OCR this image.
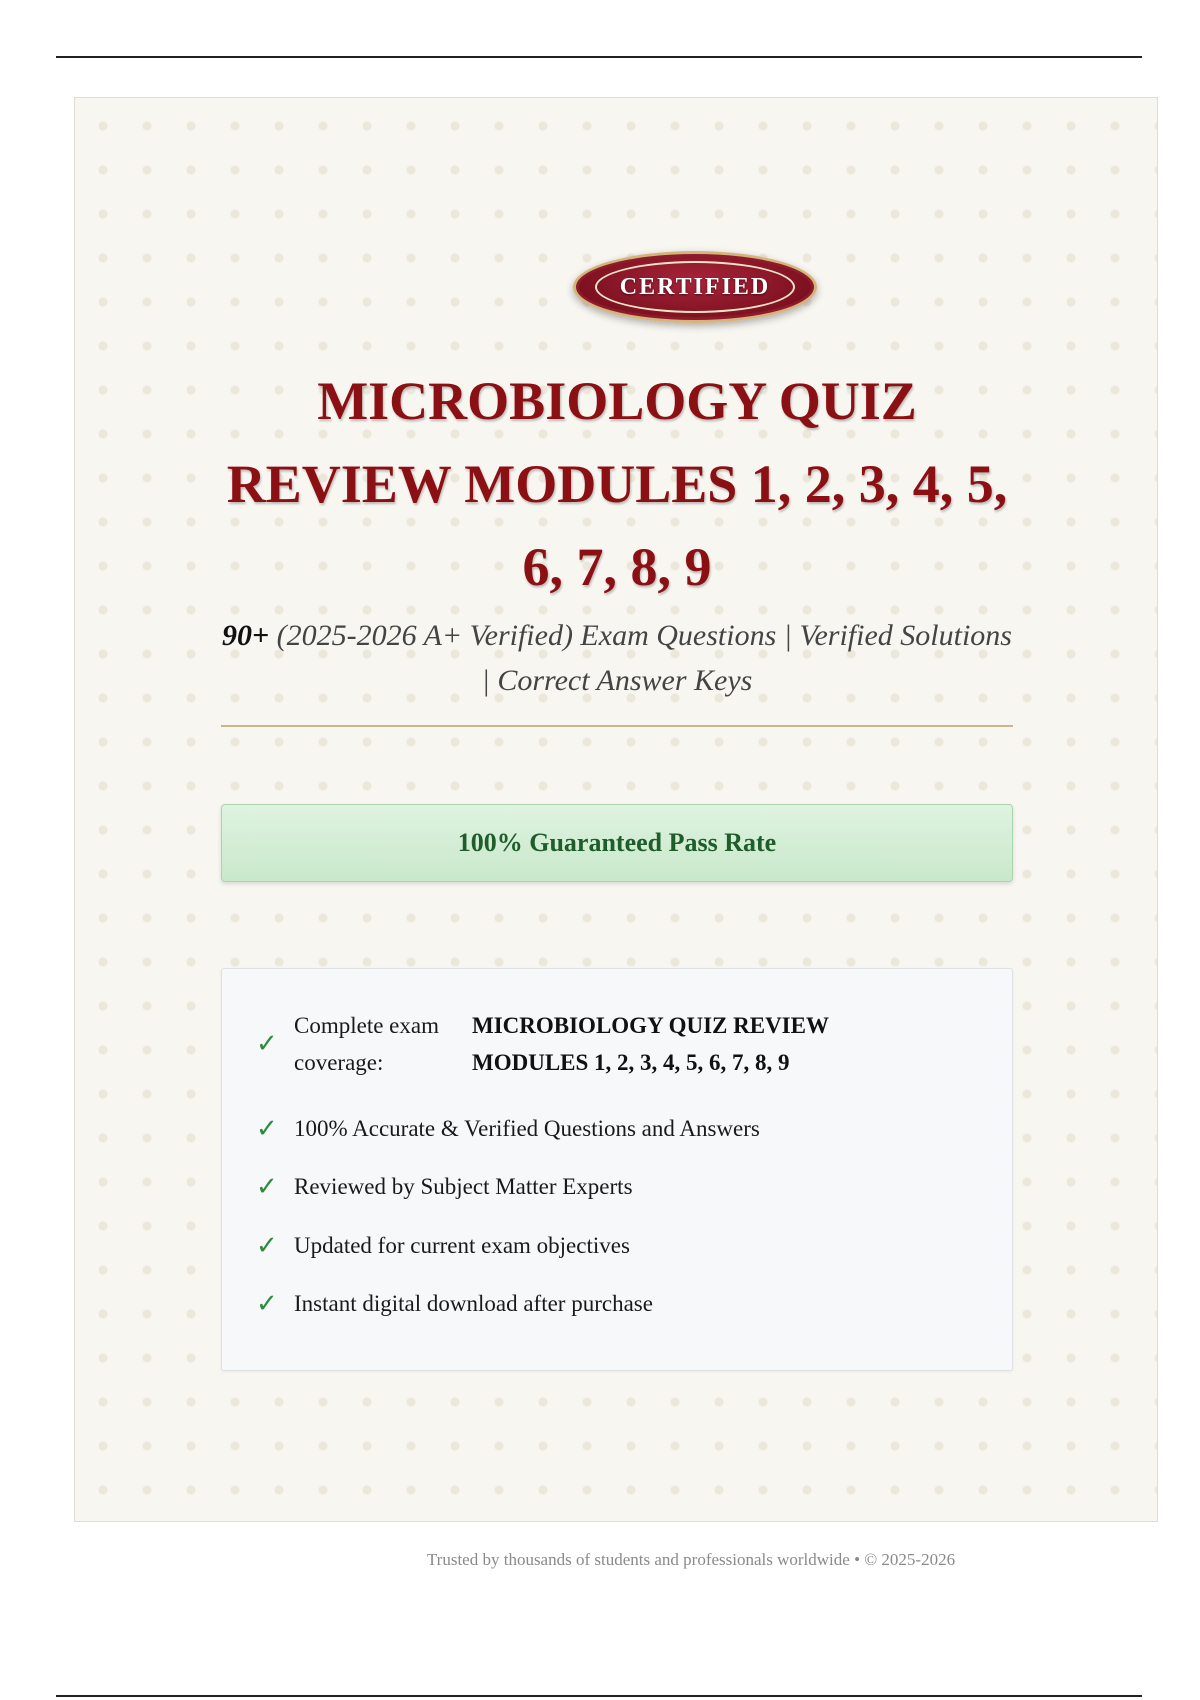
CERTIFIED
MICROBIOLOGY QUIZ REVIEW MODULES 1, 2, 3, 4, 5, 6, 7, 8, 9

90+ (2025-2026 A+ Verified) Exam Questions | Verified Solutions | Correct Answer Keys

100% Guaranteed Pass Rate
✓
Complete exam coverage:
MICROBIOLOGY QUIZ REVIEW MODULES 1, 2, 3, 4, 5, 6, 7, 8, 9
✓ 100% Accurate & Verified Questions and Answers
✓ Reviewed by Subject Matter Experts
✓ Updated for current exam objectives
✓ Instant digital download after purchase

Trusted by thousands of students and professionals worldwide • © 2025-2026
